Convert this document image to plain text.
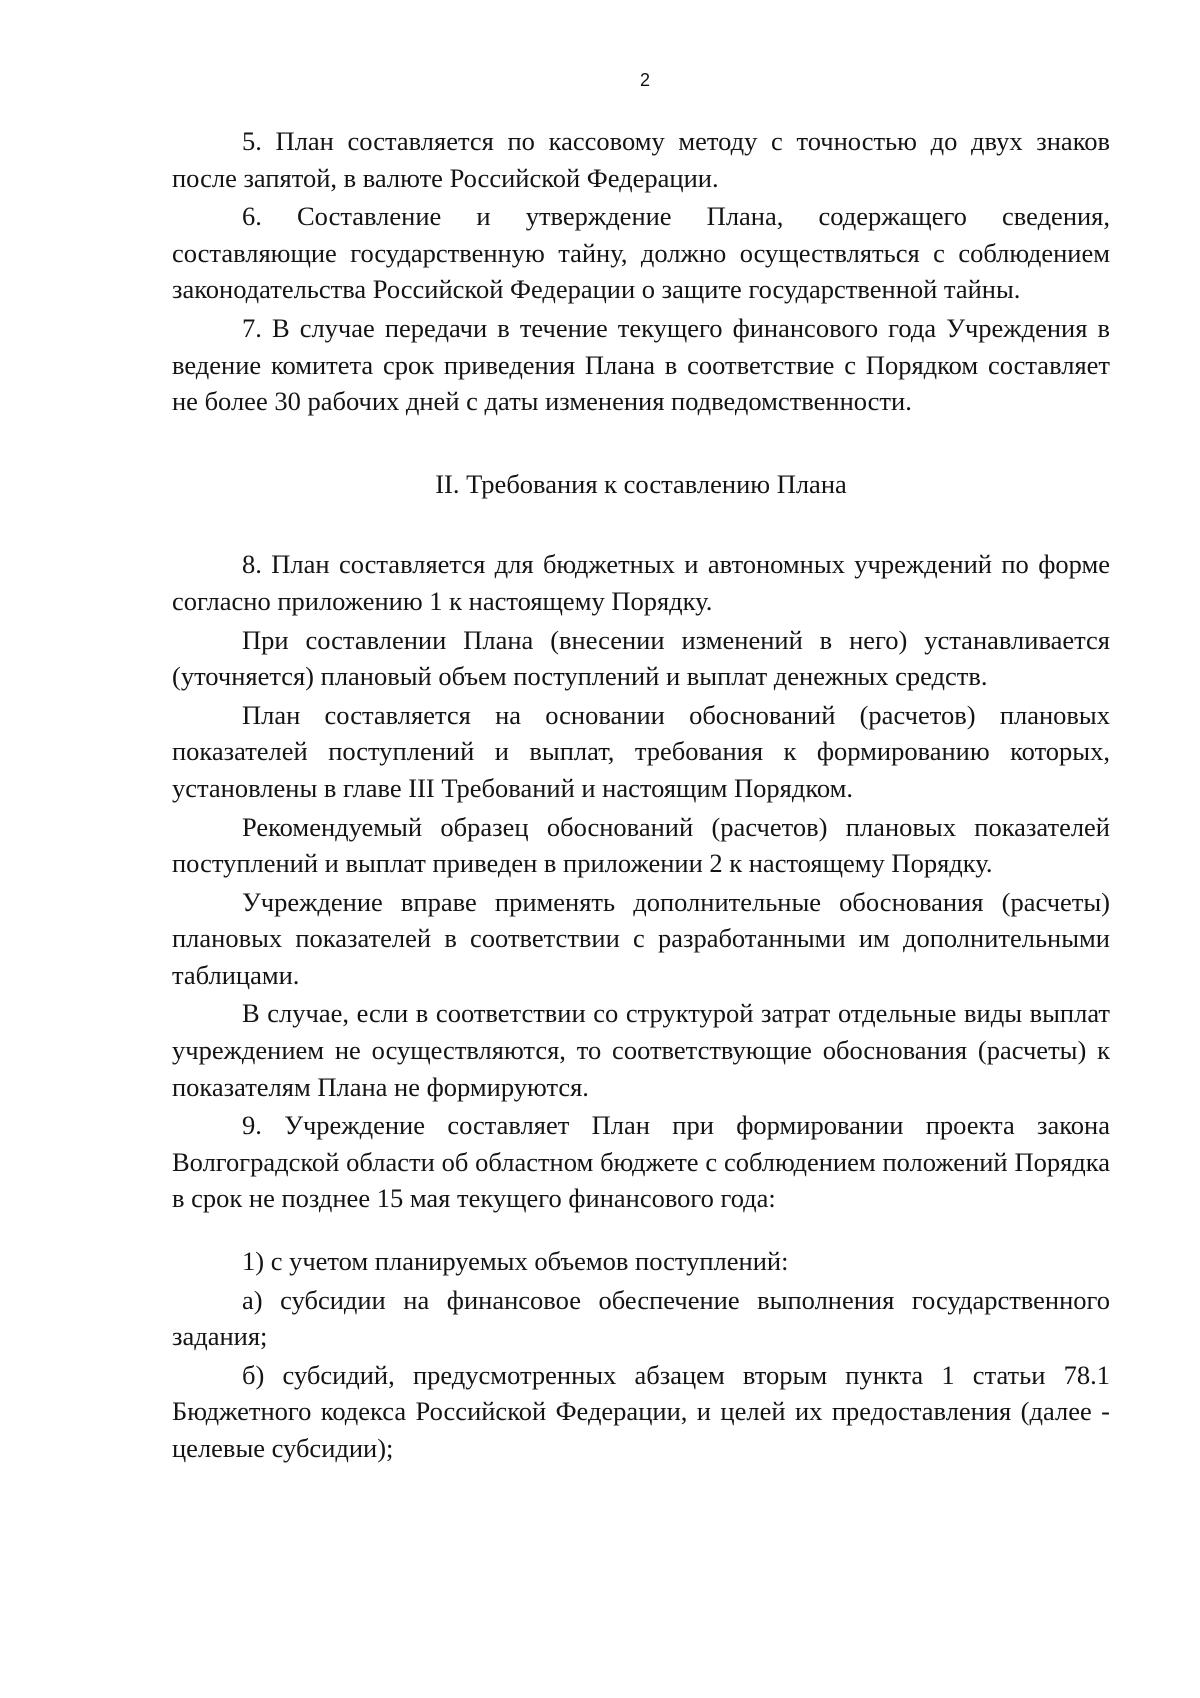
2

5. План составляется по кассовому методу с точностью до двух знаков после запятой, в валюте Российской Федерации.

6. Составление и утверждение Плана, содержащего сведения, составляющие государственную тайну, должно осуществляться с соблюдением законодательства Российской Федерации о защите государственной тайны.

7. В случае передачи в течение текущего финансового года Учреждения в ведение комитета срок приведения Плана в соответствие с Порядком составляет не более 30 рабочих дней с даты изменения подведомственности.

II. Требования к составлению Плана

8. План составляется для бюджетных и автономных учреждений по форме согласно приложению 1 к настоящему Порядку.

При составлении Плана (внесении изменений в него) устанавливается (уточняется) плановый объем поступлений и выплат денежных средств.

План составляется на основании обоснований (расчетов) плановых показателей поступлений и выплат, требования к формированию которых, установлены в главе III Требований и настоящим Порядком.

Рекомендуемый образец обоснований (расчетов) плановых показателей поступлений и выплат приведен в приложении 2 к настоящему Порядку.

Учреждение вправе применять дополнительные обоснования (расчеты) плановых показателей в соответствии с разработанными им дополнительными таблицами.

В случае, если в соответствии со структурой затрат отдельные виды выплат учреждением не осуществляются, то соответствующие обоснования (расчеты) к показателям Плана не формируются.

9. Учреждение составляет План при формировании проекта закона Волгоградской области об областном бюджете с соблюдением положений Порядка в срок не позднее 15 мая текущего финансового года:

1) с учетом планируемых объемов поступлений:

а) субсидии на финансовое обеспечение выполнения государственного задания;

б) субсидий, предусмотренных абзацем вторым пункта 1 статьи 78.1 Бюджетного кодекса Российской Федерации, и целей их предоставления (далее - целевые субсидии);
